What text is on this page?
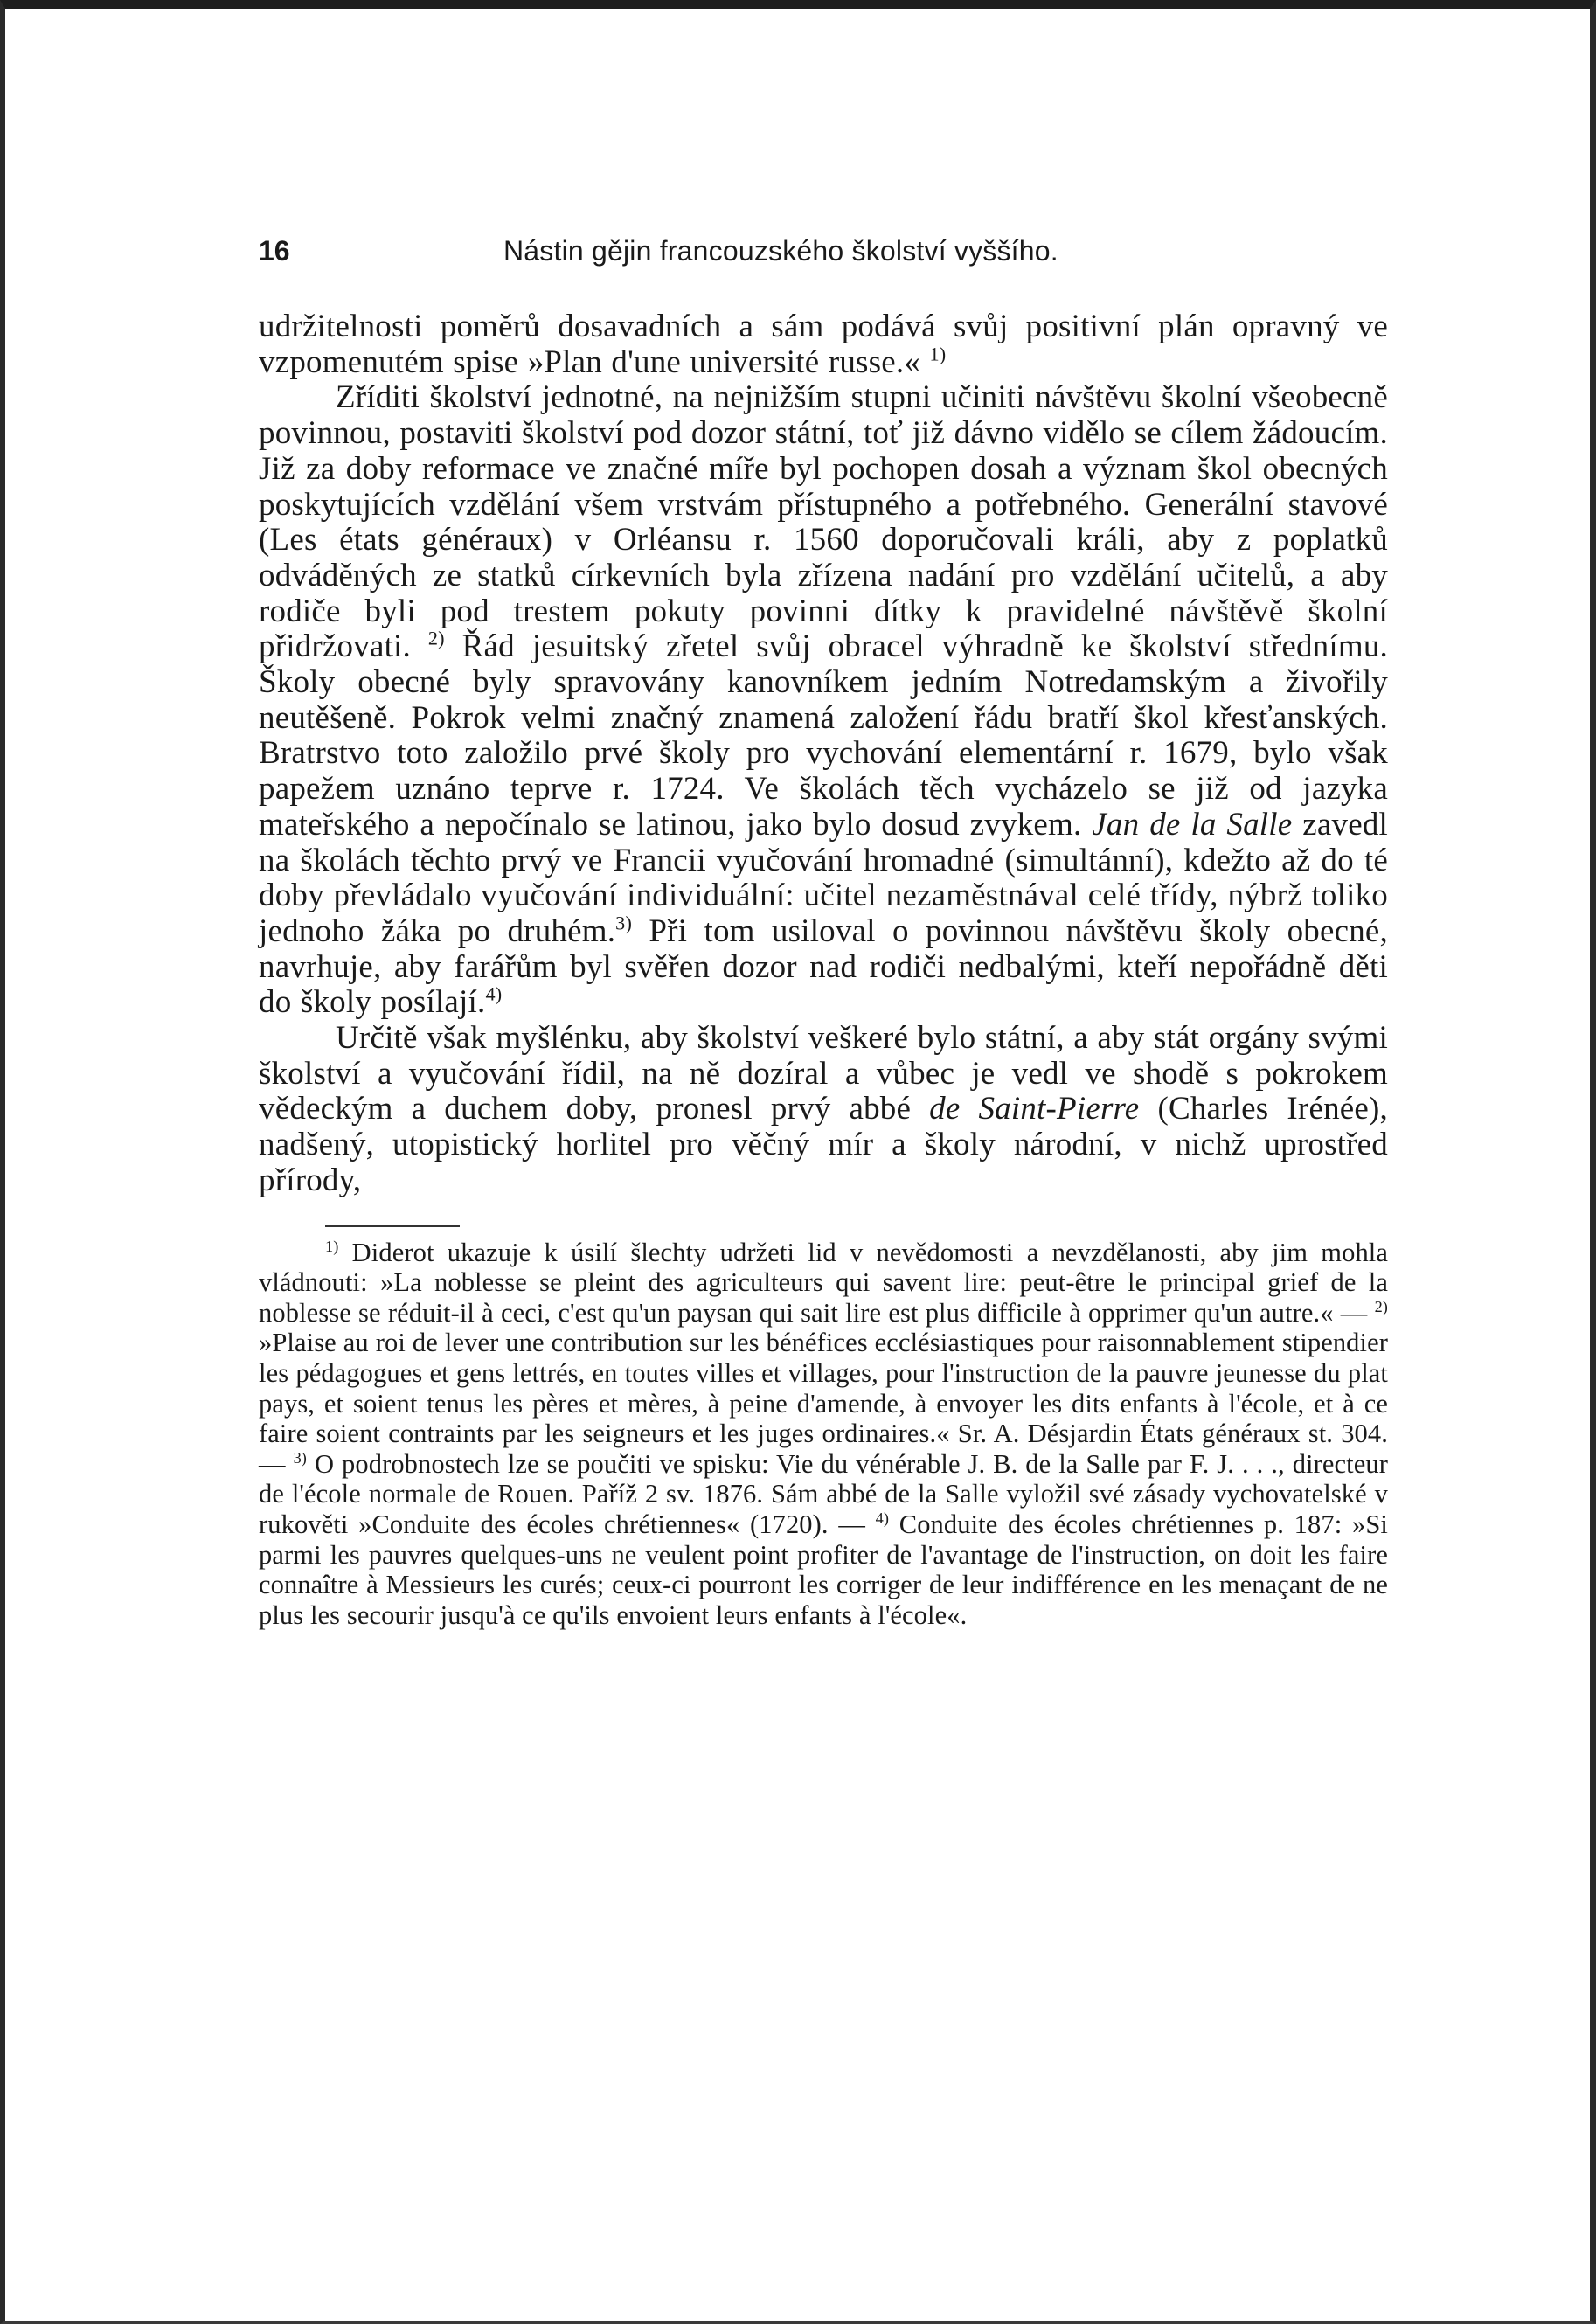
16	Nástin gějin francouzského školství vyššího.

udržitelnosti poměrů dosavadních a sám podává svůj positivní plán opravný ve vzpomenutém spise »Plan d'une université russe.« $^{1)}$

Zříditi školství jednotné, na nejnižším stupni učiniti návštěvu školní všeobecně povinnou, postaviti školství pod dozor státní, toť již dávno vidělo se cílem žádoucím. Již za doby reformace ve značné míře byl pochopen dosah a význam škol obecných poskytujících vzdělání všem vrstvám přístupného a potřebného. Generální stavové (Les états généraux) v Orléansu r. 1560 doporučovali králi, aby z poplatků odváděných ze statků církevních byla zřízena nadání pro vzdělání učitelů, a aby rodiče byli pod trestem pokuty povinni dítky k pravidelné návštěvě školní přidržovati. $^{2)}$ Řád jesuitský zřetel svůj obracel výhradně ke školství střednímu. Školy obecné byly spravovány kanovníkem jedním Notredamským a živořily neutěšeně. Pokrok velmi značný znamená založení řádu bratří škol křesťanských. Bratrstvo toto založilo prvé školy pro vychování elementární r. 1679, bylo však papežem uznáno teprve r. 1724. Ve školách těch vycházelo se již od jazyka mateřského a nepočínalo se latinou, jako bylo dosud zvykem. Jan de la Salle zavedl na školách těchto prvý ve Francii vyučování hromadné (simultánní), kdežto až do té doby převládalo vyučování individuální: učitel nezaměstnával celé třídy, nýbrž toliko jednoho žáka po druhém.$^{3)}$ Při tom usiloval o povinnou návštěvu školy obecné, navrhuje, aby farářům byl svěřen dozor nad rodiči nedbalými, kteří nepořádně děti do školy posílají.$^{4)}$

Určitě však myšlénku, aby školství veškeré bylo státní, a aby stát orgány svými školství a vyučování řídil, na ně dozíral a vůbec je vedl ve shodě s pokrokem vědeckým a duchem doby, pronesl prvý abbé de Saint-Pierre (Charles Irénée), nadšený, utopistický horlitel pro věčný mír a školy národní, v nichž uprostřed přírody,

$^{1)}$ Diderot ukazuje k úsilí šlechty udržeti lid v nevědomosti a nevzdělanosti, aby jim mohla vládnouti: »La noblesse se pleint des agriculteurs qui savent lire: peut-être le principal grief de la noblesse se réduit-il à ceci, c'est qu'un paysan qui sait lire est plus difficile à opprimer qu'un autre.« — $^{2)}$ »Plaise au roi de lever une contribution sur les bénéfices ecclésiastiques pour raisonnablement stipendier les pédagogues et gens lettrés, en toutes villes et villages, pour l'instruction de la pauvre jeunesse du plat pays, et soient tenus les pères et mères, à peine d'amende, à envoyer les dits enfants à l'école, et à ce faire soient contraints par les seigneurs et les juges ordinaires.« Sr. A. Désjardin États généraux st. 304. — $^{3)}$ O podrobnostech lze se poučiti ve spisku: Vie du vénérable J. B. de la Salle par F. J. . . ., directeur de l'école normale de Rouen. Paříž 2 sv. 1876. Sám abbé de la Salle vyložil své zásady vychovatelské v rukověti »Conduite des écoles chrétiennes« (1720). — $^{4)}$ Conduite des écoles chrétiennes p. 187: »Si parmi les pauvres quelques-uns ne veulent point profiter de l'avantage de l'instruction, on doit les faire connaître à Messieurs les curés; ceux-ci pourront les corriger de leur indifférence en les menaçant de ne plus les secourir jusqu'à ce qu'ils envoient leurs enfants à l'école«.
